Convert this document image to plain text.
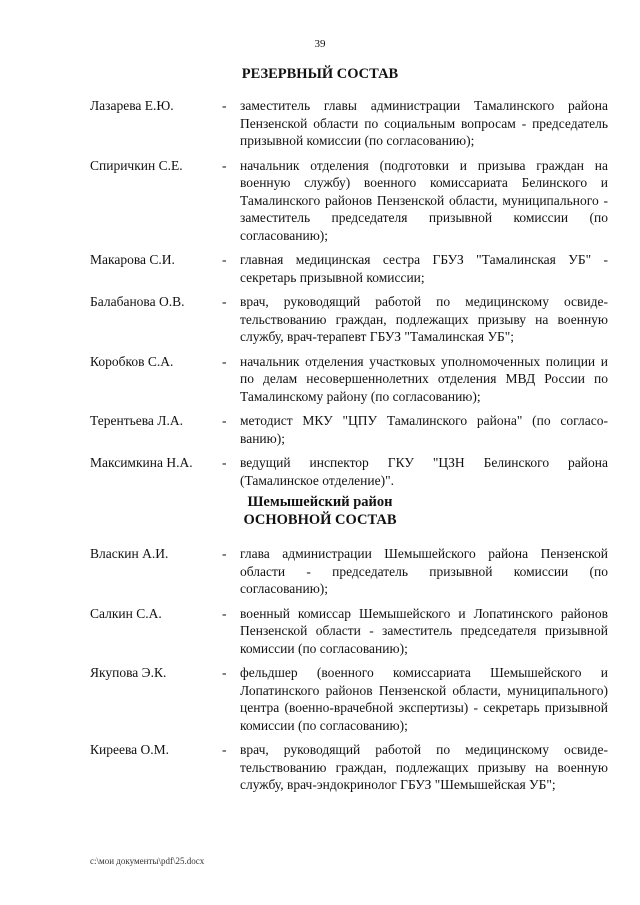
39
РЕЗЕРВНЫЙ СОСТАВ
Лазарева Е.Ю.	-	заместитель главы администрации Тамалинского района Пензенской области по социальным вопросам - председатель призывной комиссии (по согласованию);
Спиричкин С.Е.	-	начальник отделения (подготовки и призыва граждан на военную службу) военного комиссариата Белинского и Тамалинского районов Пензенской области, муниципального - заместитель председателя призывной комиссии (по согласованию);
Макарова С.И.	-	главная медицинская сестра ГБУЗ "Тамалинская УБ" - секретарь призывной комиссии;
Балабанова О.В.	-	врач, руководящий работой по медицинскому освидетельствованию граждан, подлежащих призыву на военную службу, врач-терапевт ГБУЗ "Тамалинская УБ";
Коробков С.А.	-	начальник отделения участковых уполномоченных полиции и по делам несовершеннолетних отделения МВД России по Тамалинскому району (по согласованию);
Терентьева Л.А.	-	методист МКУ "ЦПУ Тамалинского района" (по согласованию);
Максимкина Н.А.	-	ведущий инспектор ГКУ "ЦЗН Белинского района (Тамалинское отделение)".
Шемышейский район
ОСНОВНОЙ СОСТАВ
Власкин А.И.	-	глава администрации Шемышейского района Пензенской области - председатель призывной комиссии (по согласованию);
Салкин С.А.	-	военный комиссар Шемышейского и Лопатинского районов Пензенской области - заместитель председателя призывной комиссии (по согласованию);
Якупова Э.К.	-	фельдшер (военного комиссариата Шемышейского и Лопатинского районов Пензенской области, муниципального) центра (военно-врачебной экспертизы) - секретарь призывной комиссии (по согласованию);
Киреева О.М.	-	врач, руководящий работой по медицинскому освидетельствованию граждан, подлежащих призыву на военную службу, врач-эндокринолог ГБУЗ "Шемышейская УБ";
c:\мои документы\pdf\25.docx
